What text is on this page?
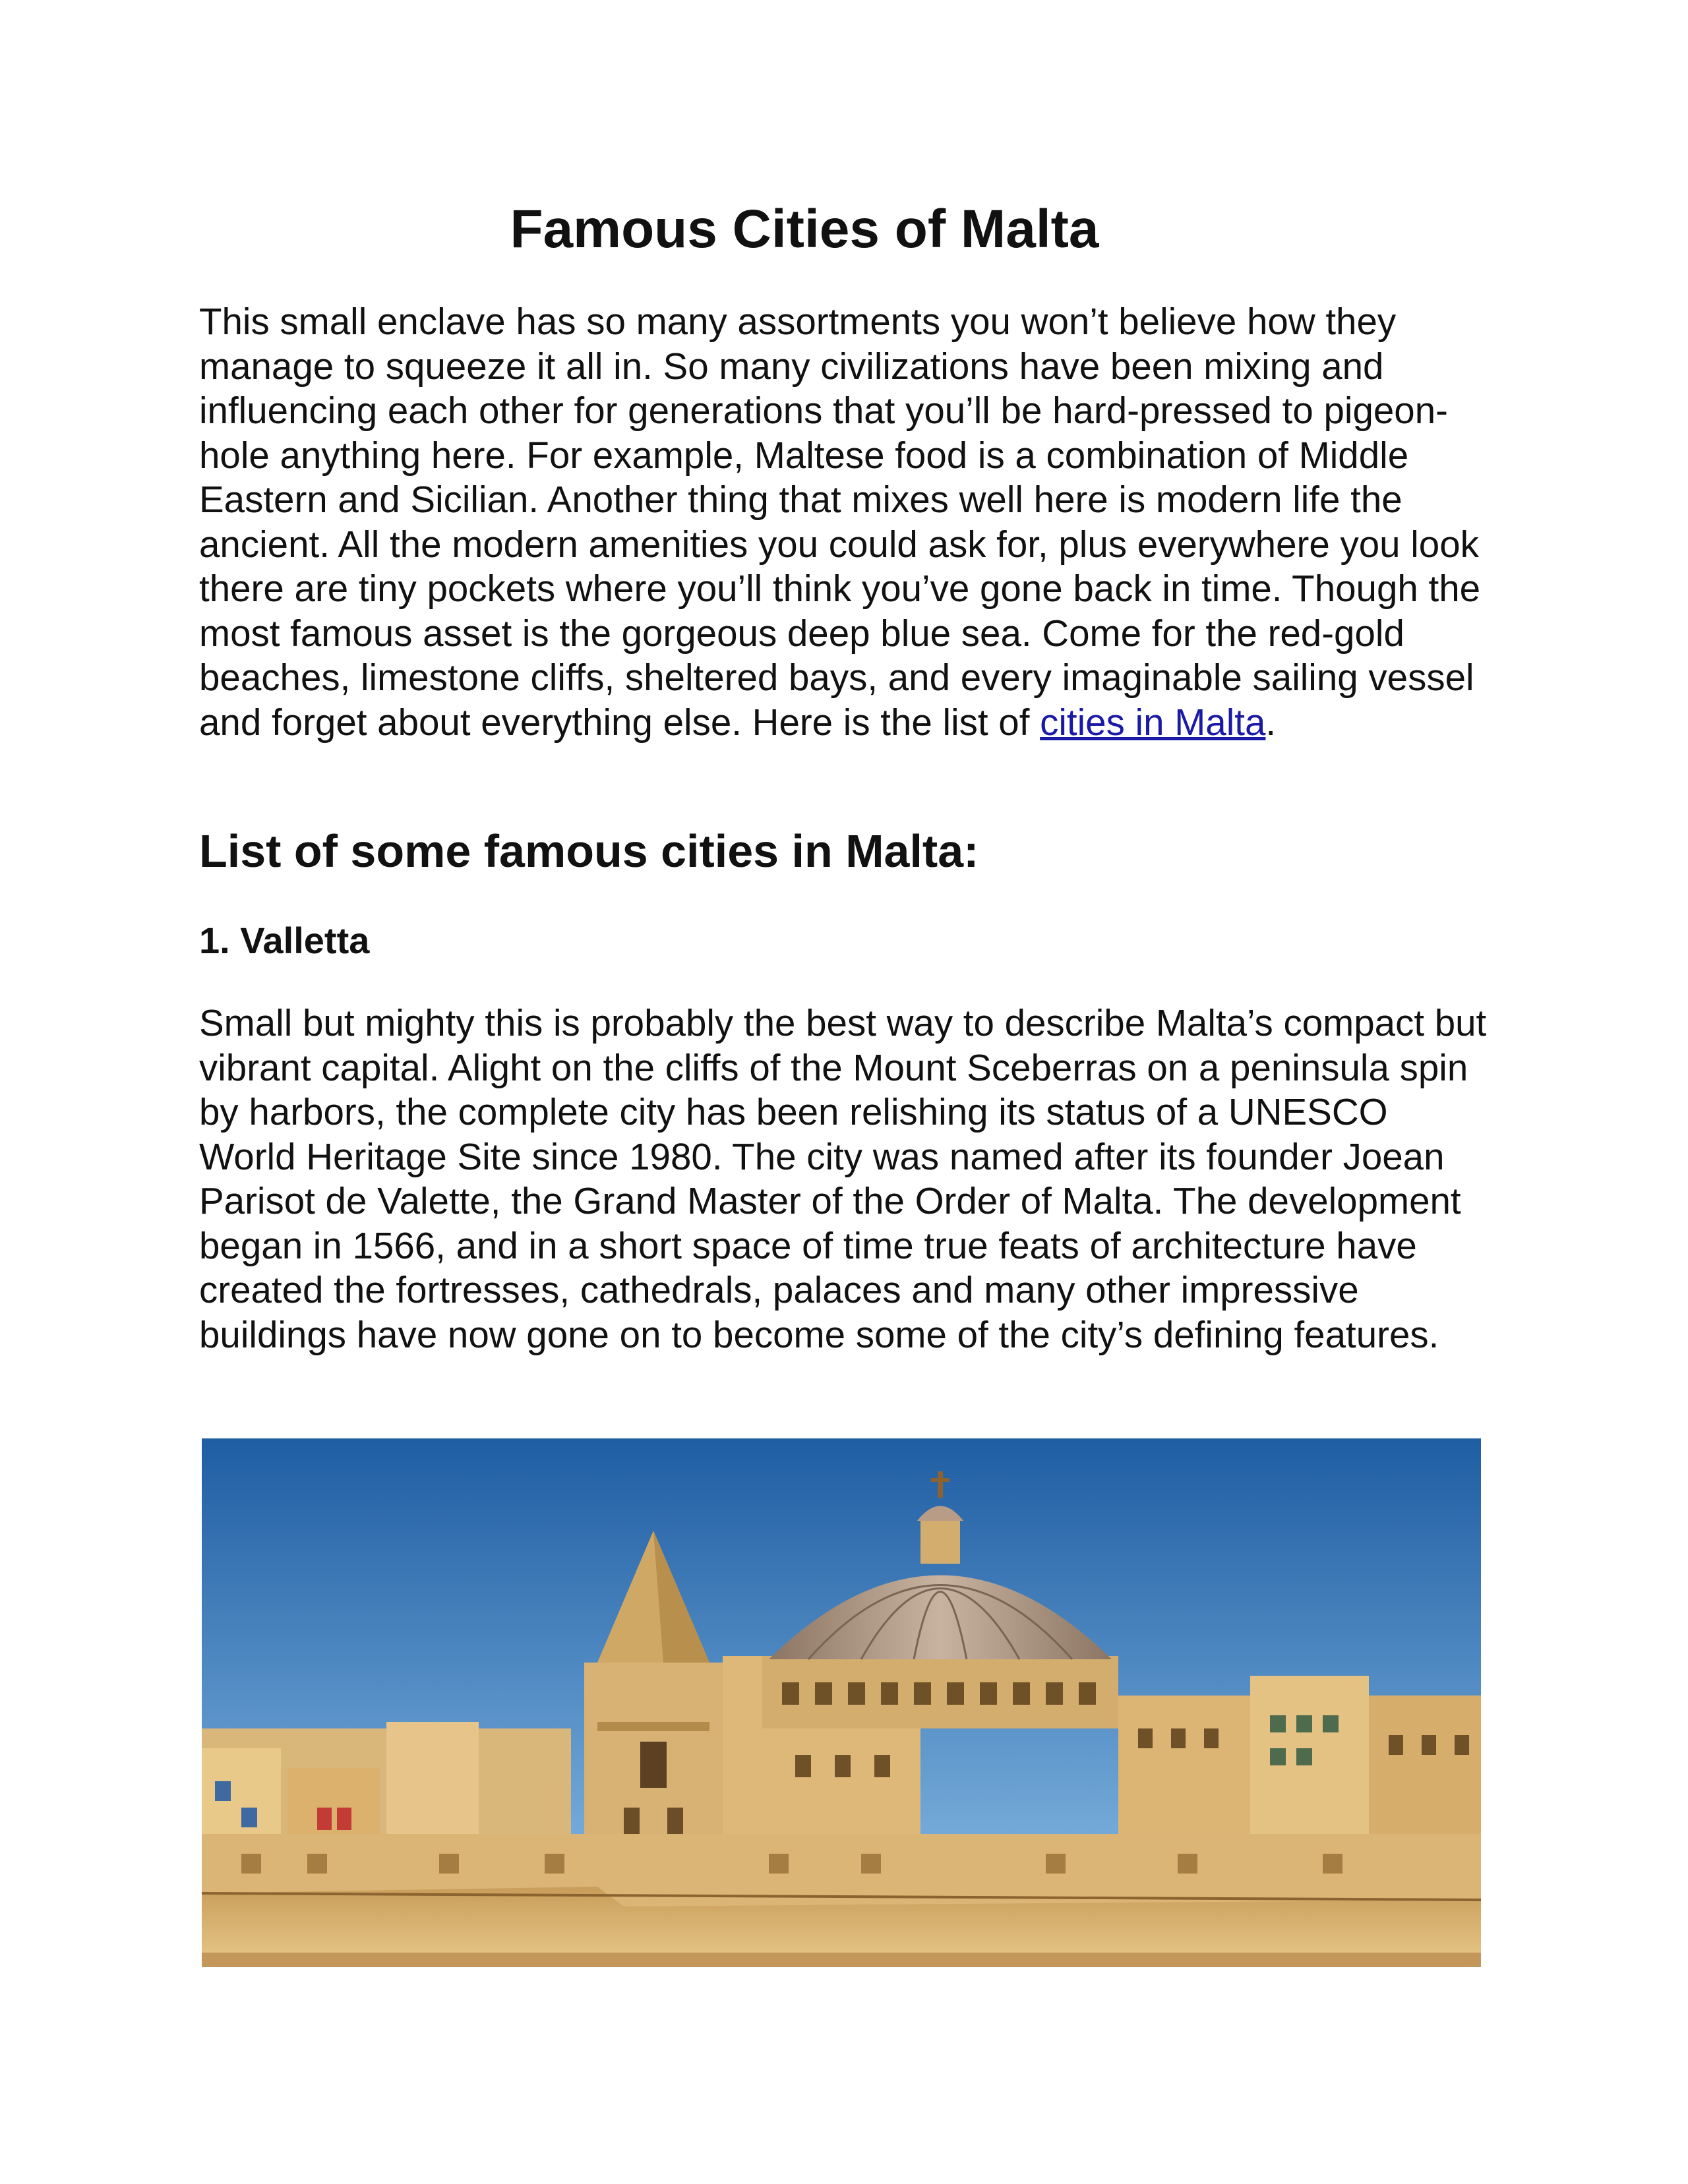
Famous Cities of Malta

This small enclave has so many assortments you won’t believe how they manage to squeeze it all in. So many civilizations have been mixing and influencing each other for generations that you’ll be hard-pressed to pigeon-hole anything here. For example, Maltese food is a combination of Middle Eastern and Sicilian. Another thing that mixes well here is modern life the ancient. All the modern amenities you could ask for, plus everywhere you look there are tiny pockets where you’ll think you’ve gone back in time. Though the most famous asset is the gorgeous deep blue sea. Come for the red-gold beaches, limestone cliffs, sheltered bays, and every imaginable sailing vessel and forget about everything else. Here is the list of cities in Malta.

List of some famous cities in Malta:
1. Valletta

Small but mighty this is probably the best way to describe Malta’s compact but vibrant capital. Alight on the cliffs of the Mount Sceberras on a peninsula spin by harbors, the complete city has been relishing its status of a UNESCO World Heritage Site since 1980. The city was named after its founder Joean Parisot de Valette, the Grand Master of the Order of Malta. The development began in 1566, and in a short space of time true feats of architecture have created the fortresses, cathedrals, palaces and many other impressive buildings have now gone on to become some of the city’s defining features.
